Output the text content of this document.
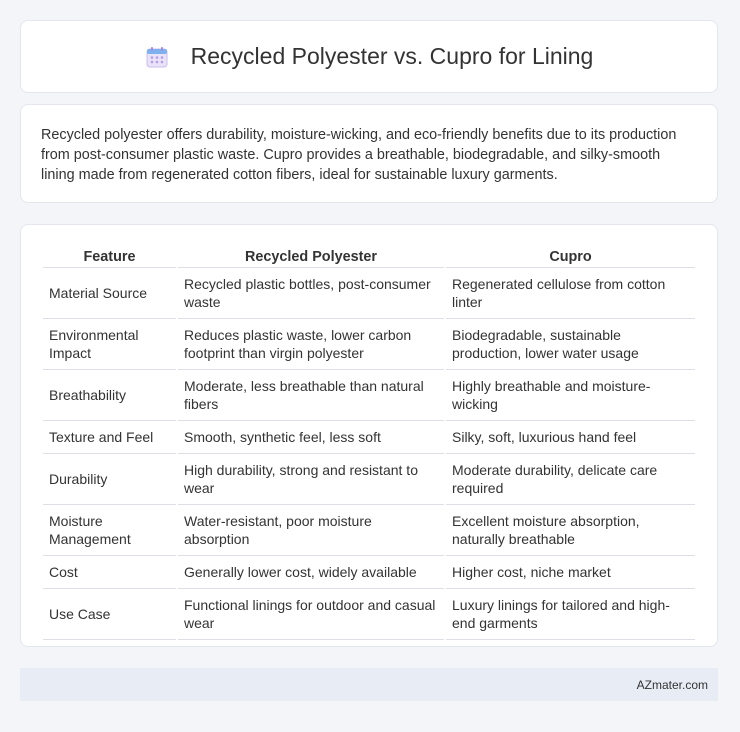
Recycled Polyester vs. Cupro for Lining

Recycled polyester offers durability, moisture-wicking, and eco-friendly benefits due to its production from post-consumer plastic waste. Cupro provides a breathable, biodegradable, and silky-smooth lining made from regenerated cotton fibers, ideal for sustainable luxury garments.

Feature	Recycled Polyester	Cupro
Material Source	Recycled plastic bottles, post-consumer waste	Regenerated cellulose from cotton linter
Environmental Impact	Reduces plastic waste, lower carbon footprint than virgin polyester	Biodegradable, sustainable production, lower water usage
Breathability	Moderate, less breathable than natural fibers	Highly breathable and moisture-wicking
Texture and Feel	Smooth, synthetic feel, less soft	Silky, soft, luxurious hand feel
Durability	High durability, strong and resistant to wear	Moderate durability, delicate care required
Moisture Management	Water-resistant, poor moisture absorption	Excellent moisture absorption, naturally breathable
Cost	Generally lower cost, widely available	Higher cost, niche market
Use Case	Functional linings for outdoor and casual wear	Luxury linings for tailored and high-end garments
AZmater.com
